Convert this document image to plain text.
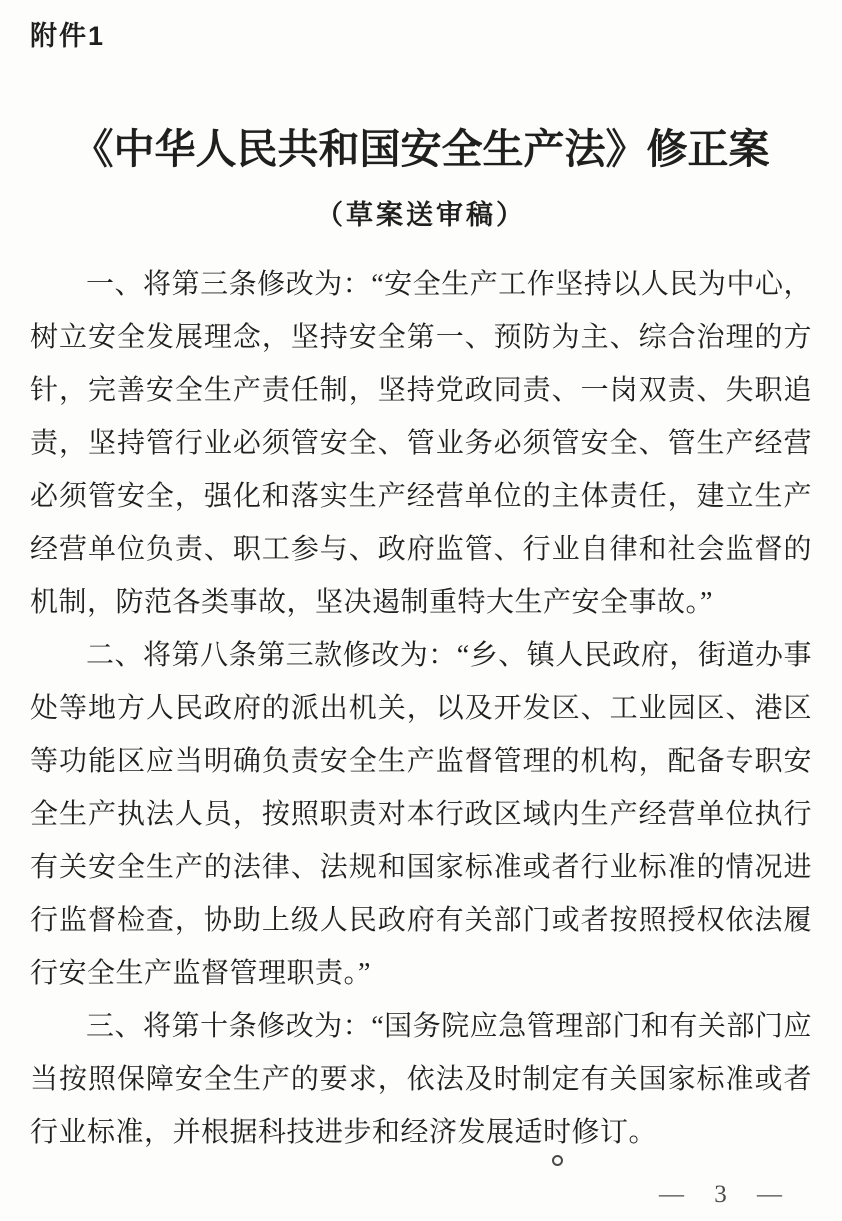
附件1
《中华人民共和国安全生产法》修正案
（草案送审稿）

一、将第三条修改为：“安全生产工作坚持以人民为中心，树立安全发展理念，坚持安全第一、预防为主、综合治理的方针，完善安全生产责任制，坚持党政同责、一岗双责、失职追责，坚持管行业必须管安全、管业务必须管安全、管生产经营必须管安全，强化和落实生产经营单位的主体责任，建立生产经营单位负责、职工参与、政府监管、行业自律和社会监督的机制，防范各类事故，坚决遏制重特大生产安全事故。”

二、将第八条第三款修改为：“乡、镇人民政府，街道办事处等地方人民政府的派出机关，以及开发区、工业园区、港区等功能区应当明确负责安全生产监督管理的机构，配备专职安全生产执法人员，按照职责对本行政区域内生产经营单位执行有关安全生产的法律、法规和国家标准或者行业标准的情况进行监督检查，协助上级人民政府有关部门或者按照授权依法履行安全生产监督管理职责。”

三、将第十条修改为：“国务院应急管理部门和有关部门应当按照保障安全生产的要求，依法及时制定有关国家标准或者行业标准，并根据科技进步和经济发展适时修订。

— 3 —
